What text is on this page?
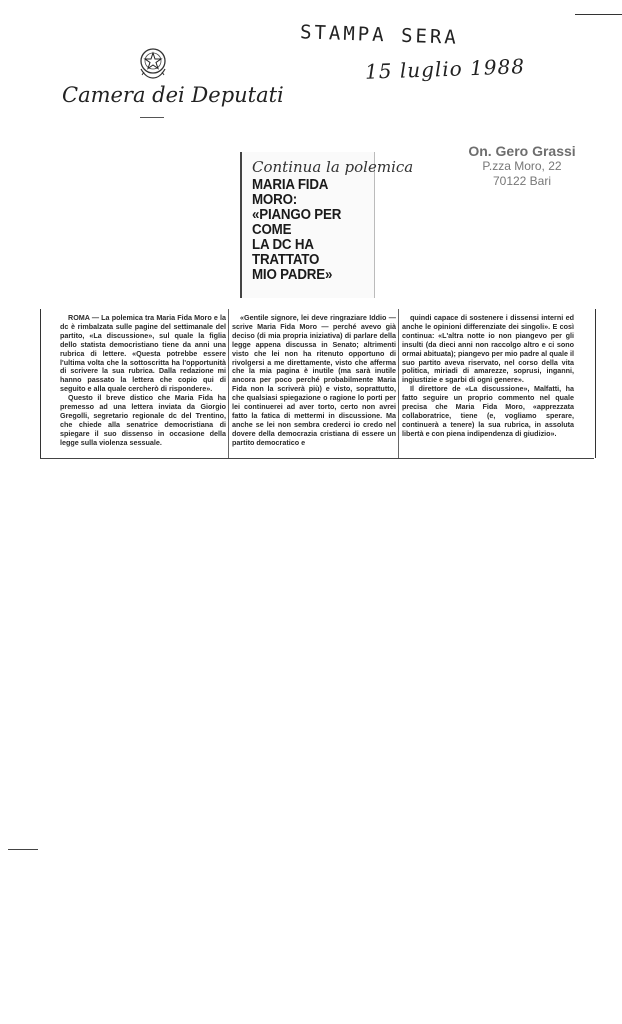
STAMPA SERA
15 luglio 1988
Camera dei Deputati
On. Gero Grassi
P.zza Moro, 22
70122 Bari
Continua la polemica
MARIA FIDA MORO:
«PIANGO PER COME
LA DC HA TRATTATO
MIO PADRE»

ROMA — La polemica tra Maria Fida Moro e la dc è rimbalzata sulle pagine del settimanale del partito, «La discussione», sul quale la figlia dello statista democristiano tiene da anni una rubrica di lettere. «Questa potrebbe essere l'ultima volta che la sottoscritta ha l'opportunità di scrivere la sua rubrica. Dalla redazione mi hanno passato la lettera che copio qui di seguito e alla quale cercherò di rispondere».

Questo il breve distico che Maria Fida ha premesso ad una lettera inviata da Giorgio Gregolli, segretario regionale dc del Trentino, che chiede alla senatrice democristiana di spiegare il suo dissenso in occasione della legge sulla violenza sessuale.

«Gentile signore, lei deve ringraziare Iddio — scrive Maria Fida Moro — perché avevo già deciso (di mia propria iniziativa) di parlare della legge appena discussa in Senato; altrimenti visto che lei non ha ritenuto opportuno di rivolgersi a me direttamente, visto che afferma che la mia pagina è inutile (ma sarà inutile ancora per poco perché probabilmente Maria Fida non la scriverà più) e visto, soprattutto, che qualsiasi spiegazione o ragione lo porti per lei continuerei ad aver torto, certo non avrei fatto la fatica di mettermi in discussione. Ma anche se lei non sembra crederci io credo nel dovere della democrazia cristiana di essere un partito democratico e

quindi capace di sostenere i dissensi interni ed anche le opinioni differenziate dei singoli». E così continua: «L'altra notte io non piangevo per gli insulti (da dieci anni non raccolgo altro e ci sono ormai abituata); piangevo per mio padre al quale il suo partito aveva riservato, nel corso della vita politica, miriadi di amarezze, soprusi, inganni, ingiustizie e sgarbi di ogni genere».

Il direttore de «La discussione», Malfatti, ha fatto seguire un proprio commento nel quale precisa che Maria Fida Moro, «apprezzata collaboratrice, tiene (e, vogliamo sperare, continuerà a tenere) la sua rubrica, in assoluta libertà e con piena indipendenza di giudizio».
